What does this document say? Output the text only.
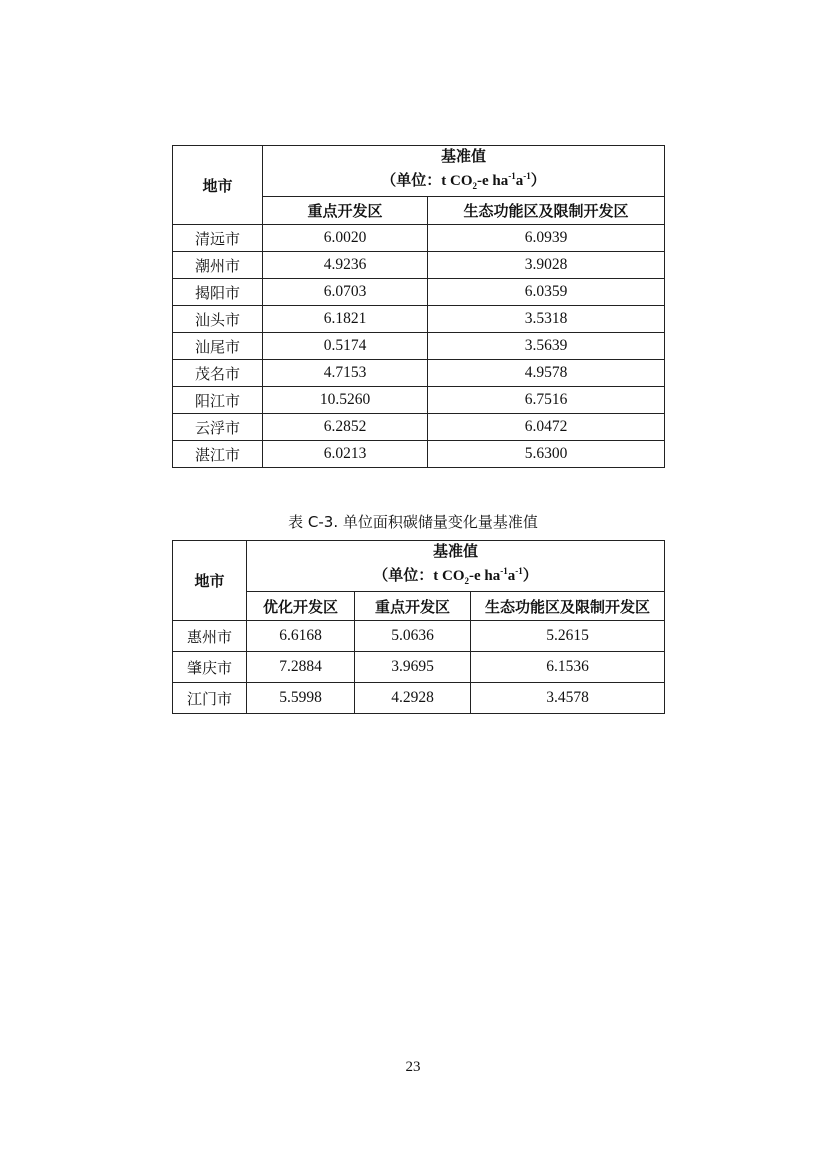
地市	基准值
（单位：t $CO_2-e$ $ha^{-1}a^{-1}$）	

	重点开发区	生态功能区及限制开发区
清远市	6.0020	6.0939
潮州市	4.9236	3.9028
揭阳市	6.0703	6.0359
汕头市	6.1821	3.5318
汕尾市	0.5174	3.5639
茂名市	4.7153	4.9578
阳江市	10.5260	6.7516
云浮市	6.2852	6.0472
湛江市	6.0213	5.6300
表 C-3. 单位面积碳储量变化量基准值
地市	基准值
（单位：t $CO_2-e$ $ha^{-1}a^{-1}$）		

	优化开发区	重点开发区	生态功能区及限制开发区
惠州市	6.6168	5.0636	5.2615
肇庆市	7.2884	3.9695	6.1536
江门市	5.5998	4.2928	3.4578
23
